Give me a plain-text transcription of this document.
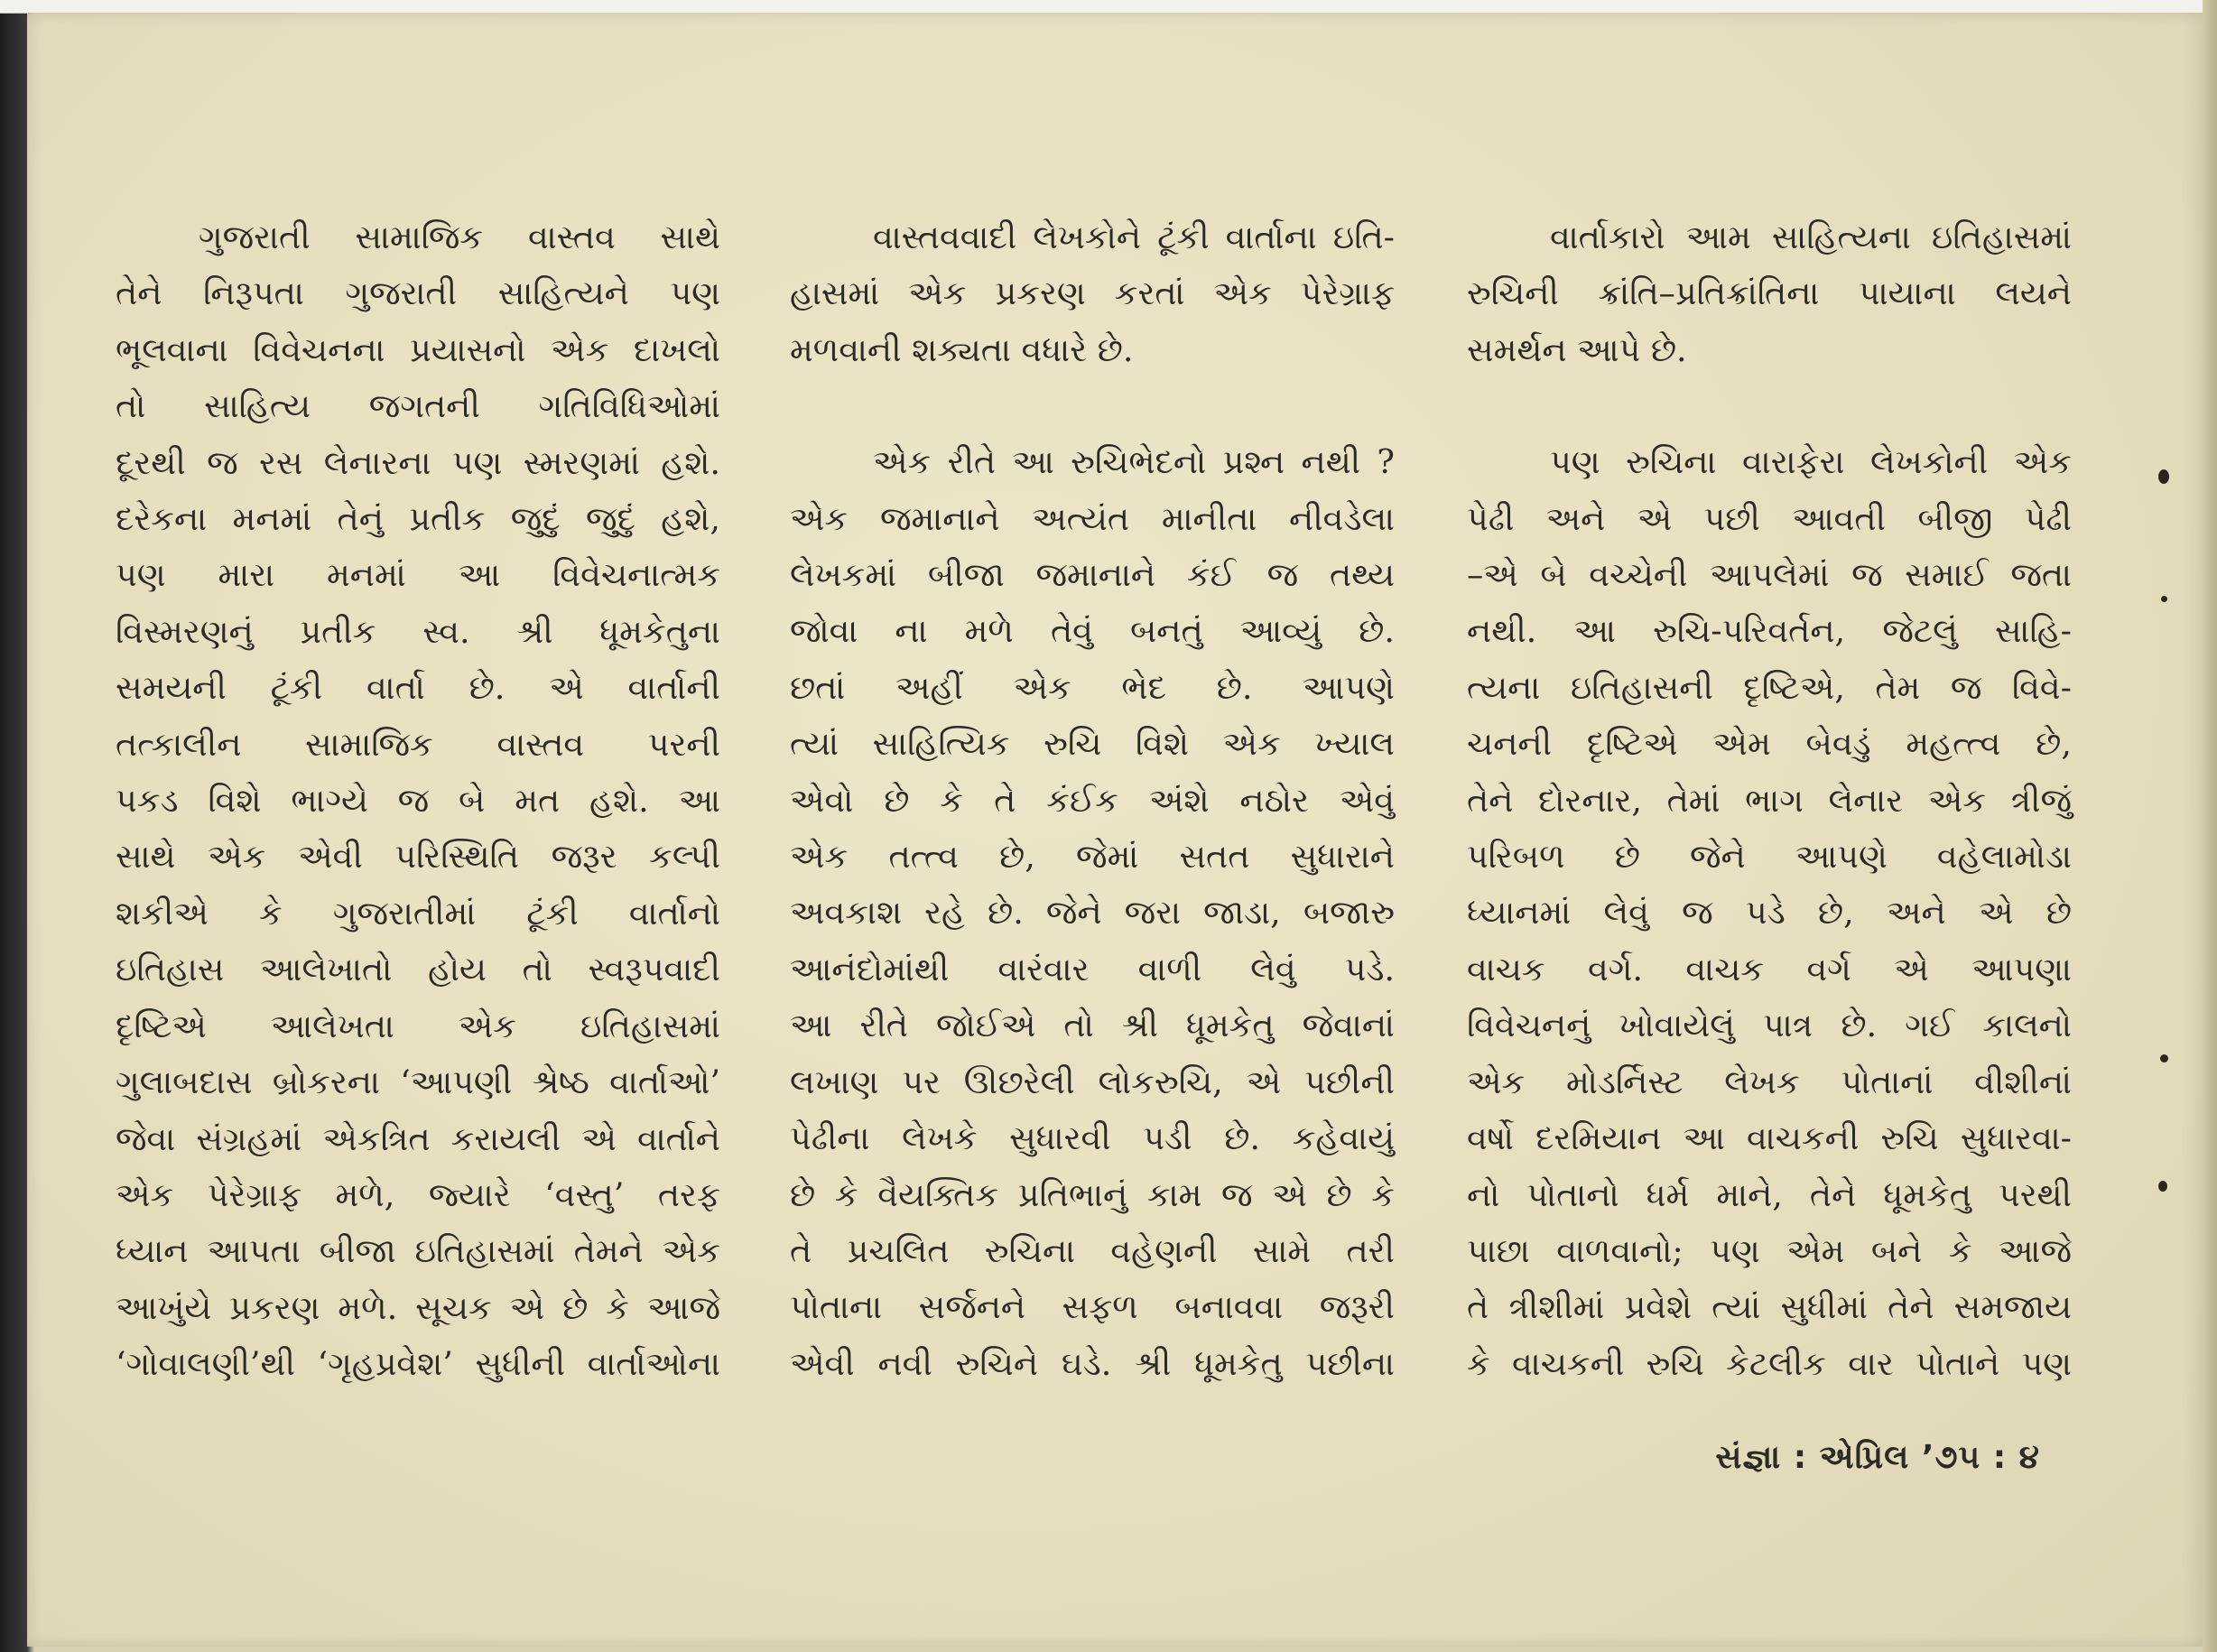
ગુજરાતી સામાજિક વાસ્તવ સાથે

તેને નિરૂપતા ગુજરાતી સાહિત્યને પણ

ભૂલવાના વિવેચનના પ્રયાસનો એક દાખલો

તો સાહિત્ય જગતની ગતિવિધિઓમાં

દૂરથી જ રસ લેનારના પણ સ્મરણમાં હશે.

દરેકના મનમાં તેનું પ્રતીક જુદું જુદું હશે,

પણ મારા મનમાં આ વિવેચનાત્મક

વિસ્મરણનું પ્રતીક સ્વ. શ્રી ધૂમકેતુના

સમયની ટૂંકી વાર્તા છે. એ વાર્તાની

તત્કાલીન સામાજિક વાસ્તવ પરની

પકડ વિશે ભાગ્યે જ બે મત હશે. આ

સાથે એક એવી પરિસ્થિતિ જરૂર કલ્પી

શકીએ કે ગુજરાતીમાં ટૂંકી વાર્તાનો

ઇતિહાસ આલેખાતો હોય તો સ્વરૂપવાદી

દૃષ્ટિએ આલેખતા એક ઇતિહાસમાં

ગુલાબદાસ બ્રોકરના ‘આપણી શ્રેષ્ઠ વાર્તાઓ’

જેવા સંગ્રહમાં એકત્રિત કરાયલી એ વાર્તાને

એક પેરેગ્રાફ મળે, જ્યારે ‘વસ્તુ’ તરફ

ધ્યાન આપતા બીજા ઇતિહાસમાં તેમને એક

આખુંયે પ્રકરણ મળે. સૂચક એ છે કે આજે

‘ગોવાલણી’થી ‘ગૃહપ્રવેશ’ સુધીની વાર્તાઓના

વાસ્તવવાદી લેખકોને ટૂંકી વાર્તાના ઇતિ-

હાસમાં એક પ્રકરણ કરતાં એક પેરેગ્રાફ

મળવાની શક્યતા વધારે છે.

એક રીતે આ રુચિભેદનો પ્રશ્ન નથી ?

એક જમાનાને અત્યંત માનીતા નીવડેલા

લેખકમાં બીજા જમાનાને કંઈ જ તથ્ય

જોવા ના મળે તેવું બનતું આવ્યું છે.

છતાં અહીં એક ભેદ છે. આપણે

ત્યાં સાહિત્યિક રુચિ વિશે એક ખ્યાલ

એવો છે કે તે કંઈક અંશે નઠોર એવું

એક તત્ત્વ છે, જેમાં સતત સુધારાને

અવકાશ રહે છે. જેને જરા જાડા, બજારુ

આનંદોમાંથી વારંવાર વાળી લેવું પડે.

આ રીતે જોઈએ તો શ્રી ધૂમકેતુ જેવાનાં

લખાણ પર ઊછરેલી લોકરુચિ, એ પછીની

પેઢીના લેખકે સુધારવી પડી છે. કહેવાયું

છે કે વૈયક્તિક પ્રતિભાનું કામ જ એ છે કે

તે પ્રચલિત રુચિના વહેણની સામે તરી

પોતાના સર્જનને સફળ બનાવવા જરૂરી

એવી નવી રુચિને ઘડે. શ્રી ધૂમકેતુ પછીના

વાર્તાકારો આમ સાહિત્યના ઇતિહાસમાં

રુચિની ક્રાંતિ–પ્રતિક્રાંતિના પાયાના લયને

સમર્થન આપે છે.

પણ રુચિના વારાફેરા લેખકોની એક

પેઢી અને એ પછી આવતી બીજી પેઢી

–એ બે વચ્ચેની આપલેમાં જ સમાઈ જતા

નથી. આ રુચિ-પરિવર્તન, જેટલું સાહિ-

ત્યના ઇતિહાસની દૃષ્ટિએ, તેમ જ વિવે-

ચનની દૃષ્ટિએ એમ બેવડું મહત્ત્વ છે,

તેને દોરનાર, તેમાં ભાગ લેનાર એક ત્રીજું

પરિબળ છે જેને આપણે વહેલામોડા

ધ્યાનમાં લેવું જ પડે છે, અને એ છે

વાચક વર્ગ. વાચક વર્ગ એ આપણા

વિવેચનનું ખોવાયેલું પાત્ર છે. ગઈ કાલનો

એક મોડર્નિસ્ટ લેખક પોતાનાં વીશીનાં

વર્ષો દરમિયાન આ વાચકની રુચિ સુધારવા-

નો પોતાનો ધર્મ માને, તેને ધૂમકેતુ પરથી

પાછા વાળવાનો; પણ એમ બને કે આજે

તે ત્રીશીમાં પ્રવેશે ત્યાં સુધીમાં તેને સમજાય

કે વાચકની રુચિ કેટલીક વાર પોતાને પણ

સંજ્ઞા : એપ્રિલ ’૭૫ : ૪
